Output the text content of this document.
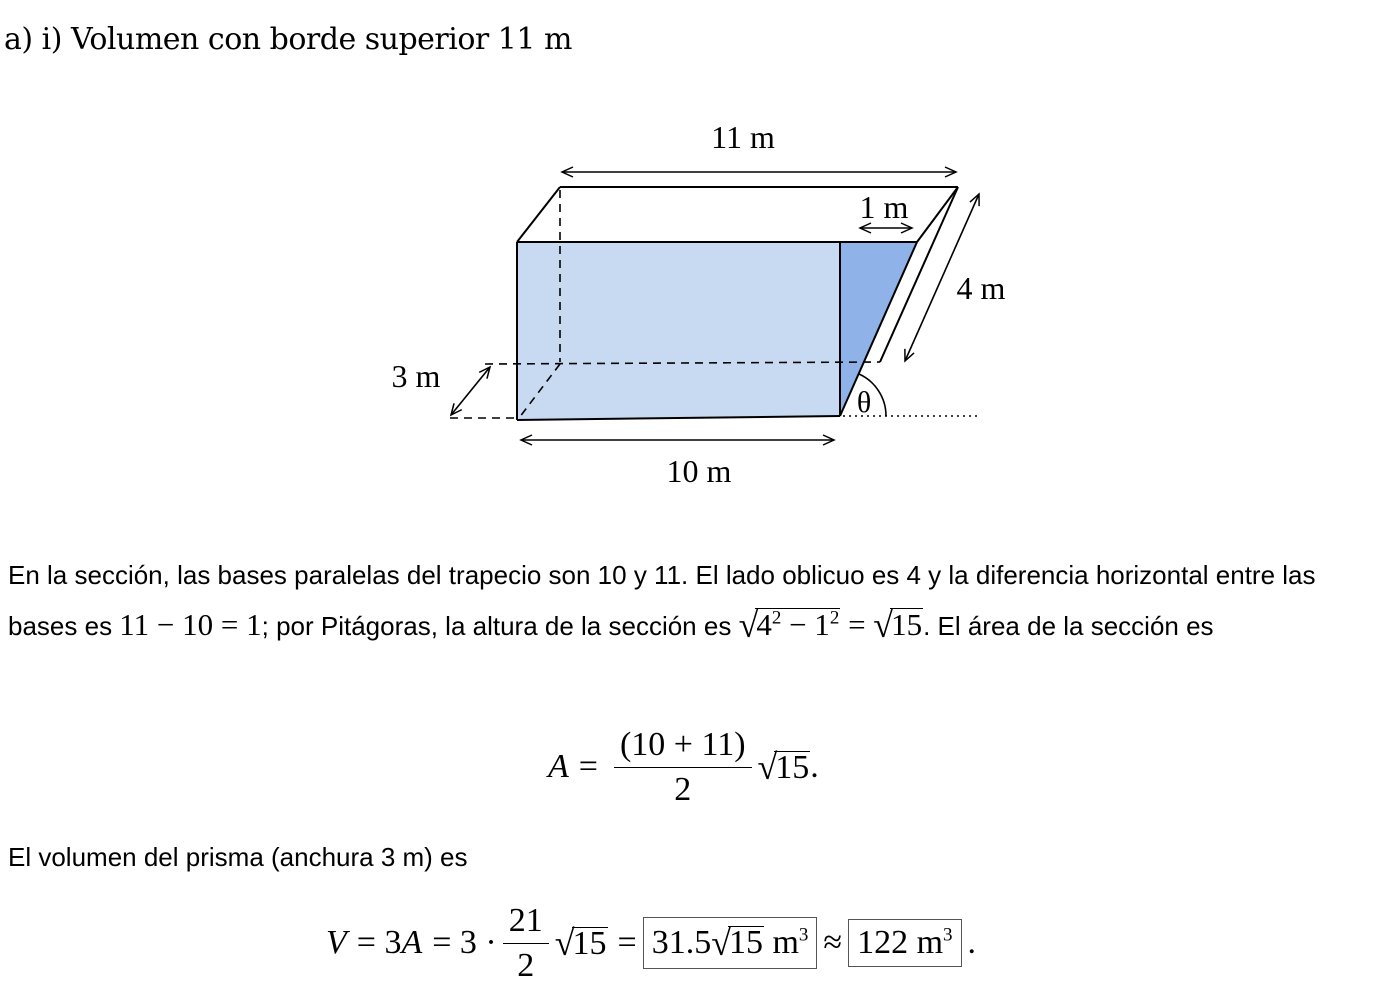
a) i) Volumen con borde superior 11 m
11 m
1 m
4 m
3 m
10 m
θ

En la sección, las bases paralelas del trapecio son 10 y 11. El lado oblicuo es 4 y la diferencia horizontal entre las bases es 11 − 10 = 1; por Pitágoras, la altura de la sección es $√4^2 - 1^2 = √15$. El área de la sección es

$A = \frac{(10 + 11)}{2}$ √
15 .

El volumen del prisma (anchura 3 m) es

V = 3 $A = 3 \cdot \frac{21}{2}$ √
15 = 31.5√15 $m^3 \approx 122$ $m^3$ .
